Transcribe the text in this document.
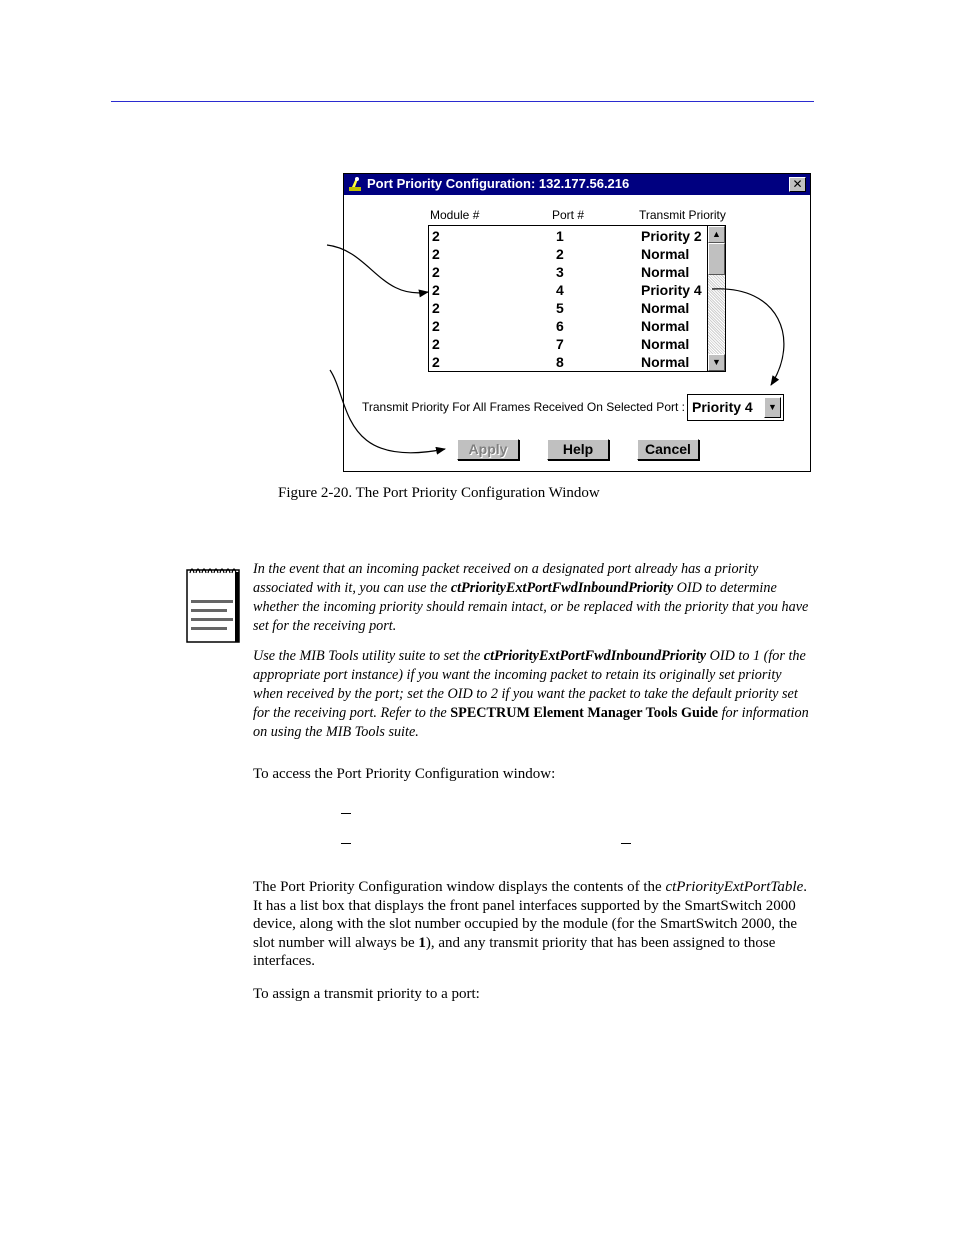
Port Priority Configuration: 132.177.56.216	✕
Module #	Port #	Transmit Priority
2	1	Priority 2
2	2	Normal
2	3	Normal
2	4	Priority 4
2	5	Normal
2	6	Normal
2	7	Normal
2	8	Normal
▲
▼
Transmit Priority For All Frames Received On Selected Port : Priority 4	▼
Apply	Help	Cancel
Figure 2-20. The Port Priority Configuration Window
In the event that an incoming packet received on a designated port already has a priority associated with it, you can use the ctPriorityExtPortFwdInboundPriority OID to determine whether the incoming priority should remain intact, or be replaced with the priority that you have set for the receiving port.
Use the MIB Tools utility suite to set the ctPriorityExtPortFwdInboundPriority OID to 1 (for the appropriate port instance) if you want the incoming packet to retain its originally set priority when received by the port; set the OID to 2 if you want the packet to take the default priority set for the receiving port. Refer to the SPECTRUM Element Manager Tools Guide for information on using the MIB Tools suite.
To access the Port Priority Configuration window:
The Port Priority Configuration window displays the contents of the ctPriorityExtPortTable. It has a list box that displays the front panel interfaces supported by the SmartSwitch 2000 device, along with the slot number occupied by the module (for the SmartSwitch 2000, the slot number will always be 1), and any transmit priority that has been assigned to those interfaces.
To assign a transmit priority to a port:
